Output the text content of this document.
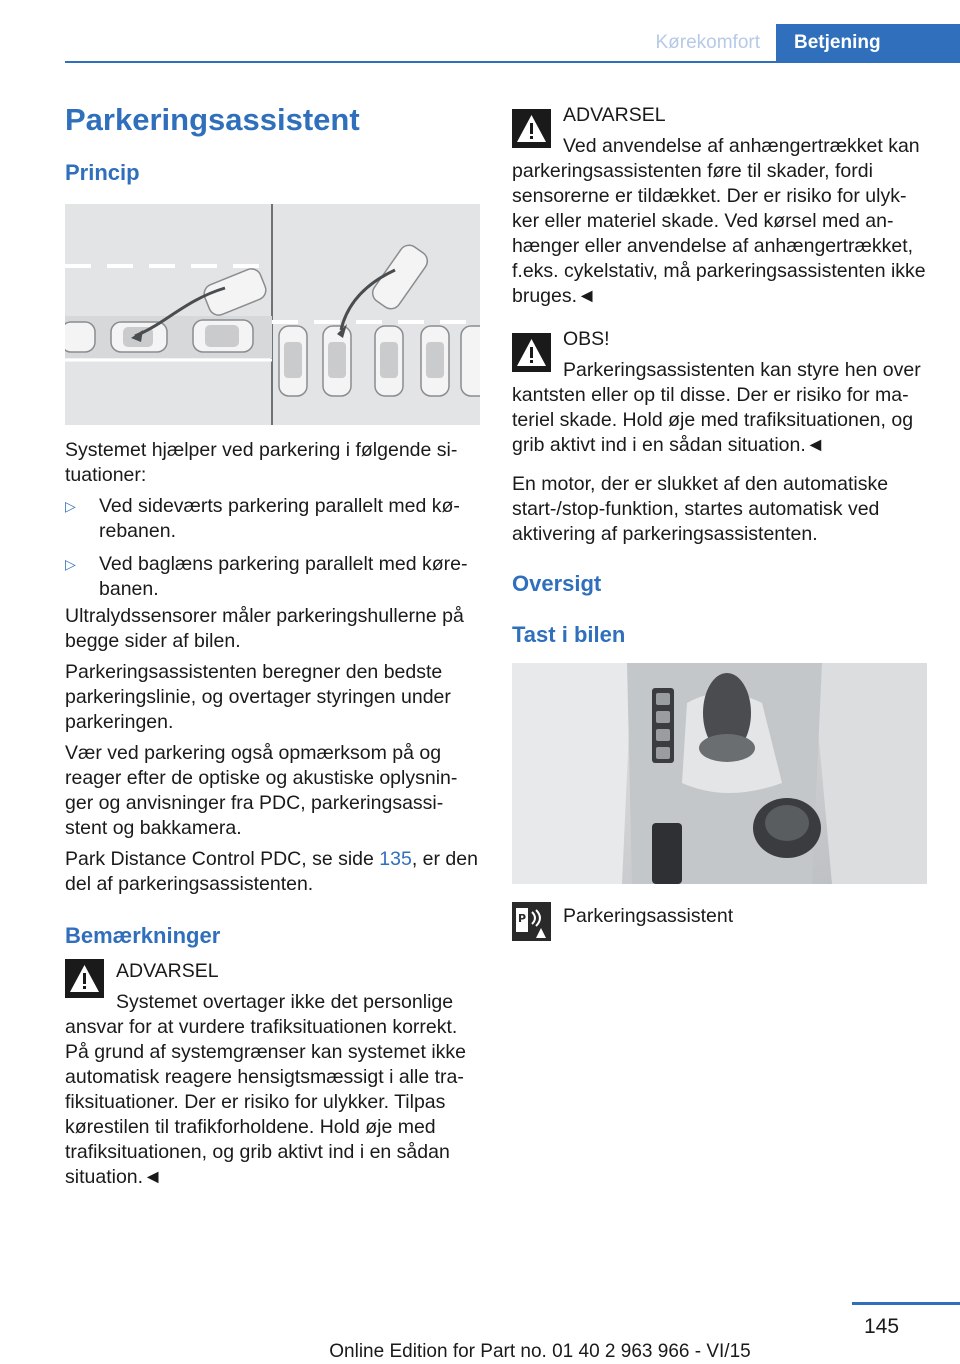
Kørekomfort	Betjening
Parkeringsassistent
Princip

Systemet hjælper ved parkering i følgende si-tuationer:

▷ Ved sideværts parkering parallelt med kø-rebanen.
▷ Ved baglæns parkering parallelt med køre-banen.

Ultralydssensorer måler parkeringshullerne på begge sider af bilen.

Parkeringsassistenten beregner den bedste parkeringslinie, og overtager styringen under parkeringen.

Vær ved parkering også opmærksom på og reager efter de optiske og akustiske oplysnin-ger og anvisninger fra PDC, parkeringsassi-stent og bakkamera.

Park Distance Control PDC, se side 135, er den del af parkeringsassistenten.

Bemærkninger
ADVARSEL
Systemet overtager ikke det personlige
ansvar for at vurdere trafiksituationen korrekt. På grund af systemgrænser kan systemet ikke automatisk reagere hensigtsmæssigt i alle tra-fiksituationer. Der er risiko for ulykker. Tilpas kørestilen til trafikforholdene. Hold øje med trafiksituationen, og grib aktivt ind i en sådan situation.◄
ADVARSEL
Ved anvendelse af anhængertrækket kan
parkeringsassistenten føre til skader, fordi sensorerne er tildækket. Der er risiko for ulyk-ker eller materiel skade. Ved kørsel med an-hænger eller anvendelse af anhængertrækket, f.eks. cykelstativ, må parkeringsassistenten ikke bruges.◄
OBS!
Parkeringsassistenten kan styre hen over
kantsten eller op til disse. Der er risiko for ma-teriel skade. Hold øje med trafiksituationen, og grib aktivt ind i en sådan situation.◄

En motor, der er slukket af den automatiske start-/stop-funktion, startes automatisk ved aktivering af parkeringsassistenten.

Oversigt
Tast i bilen
P Parkeringsassistent
145
Online Edition for Part no. 01 40 2 963 966 - VI/15
